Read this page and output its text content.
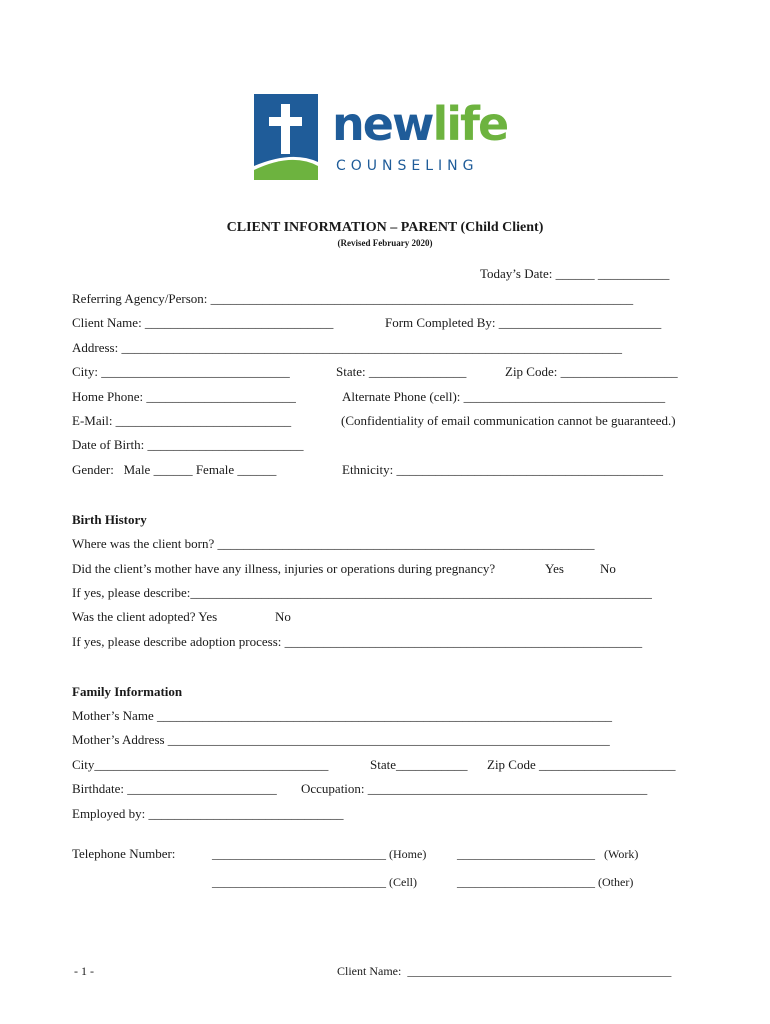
newlife
COUNSELING
CLIENT INFORMATION – PARENT (Child Client)
(Revised February 2020)
Today’s Date: ______ ___________
Referring Agency/Person: _________________________________________________________________
Client Name: _____________________________	Form Completed By: _________________________
Address: _____________________________________________________________________________
City: _____________________________	State: _______________	Zip Code: __________________
Home Phone: _______________________	Alternate Phone (cell): _______________________________
E-Mail: ___________________________	(Confidentiality of email communication cannot be guaranteed.)
Date of Birth: ________________________
Gender:   Male ______ Female ______	Ethnicity: _________________________________________
Birth History
Where was the client born? __________________________________________________________
Did the client’s mother have any illness, injuries or operations during pregnancy?	Yes	No
If yes, please describe:_______________________________________________________________________
Was the client adopted? Yes	No
If yes, please describe adoption process: _______________________________________________________
Family Information
Mother’s Name ______________________________________________________________________
Mother’s Address ____________________________________________________________________
City____________________________________	State___________ Zip Code _____________________
Birthdate: _______________________ Occupation: ___________________________________________
Employed by: ______________________________
Telephone Number:	_____________________________ (Home)	_______________________   (Work)
_____________________________ (Cell)	_______________________ (Other)
- 1 -	Client Name:  ____________________________________________
